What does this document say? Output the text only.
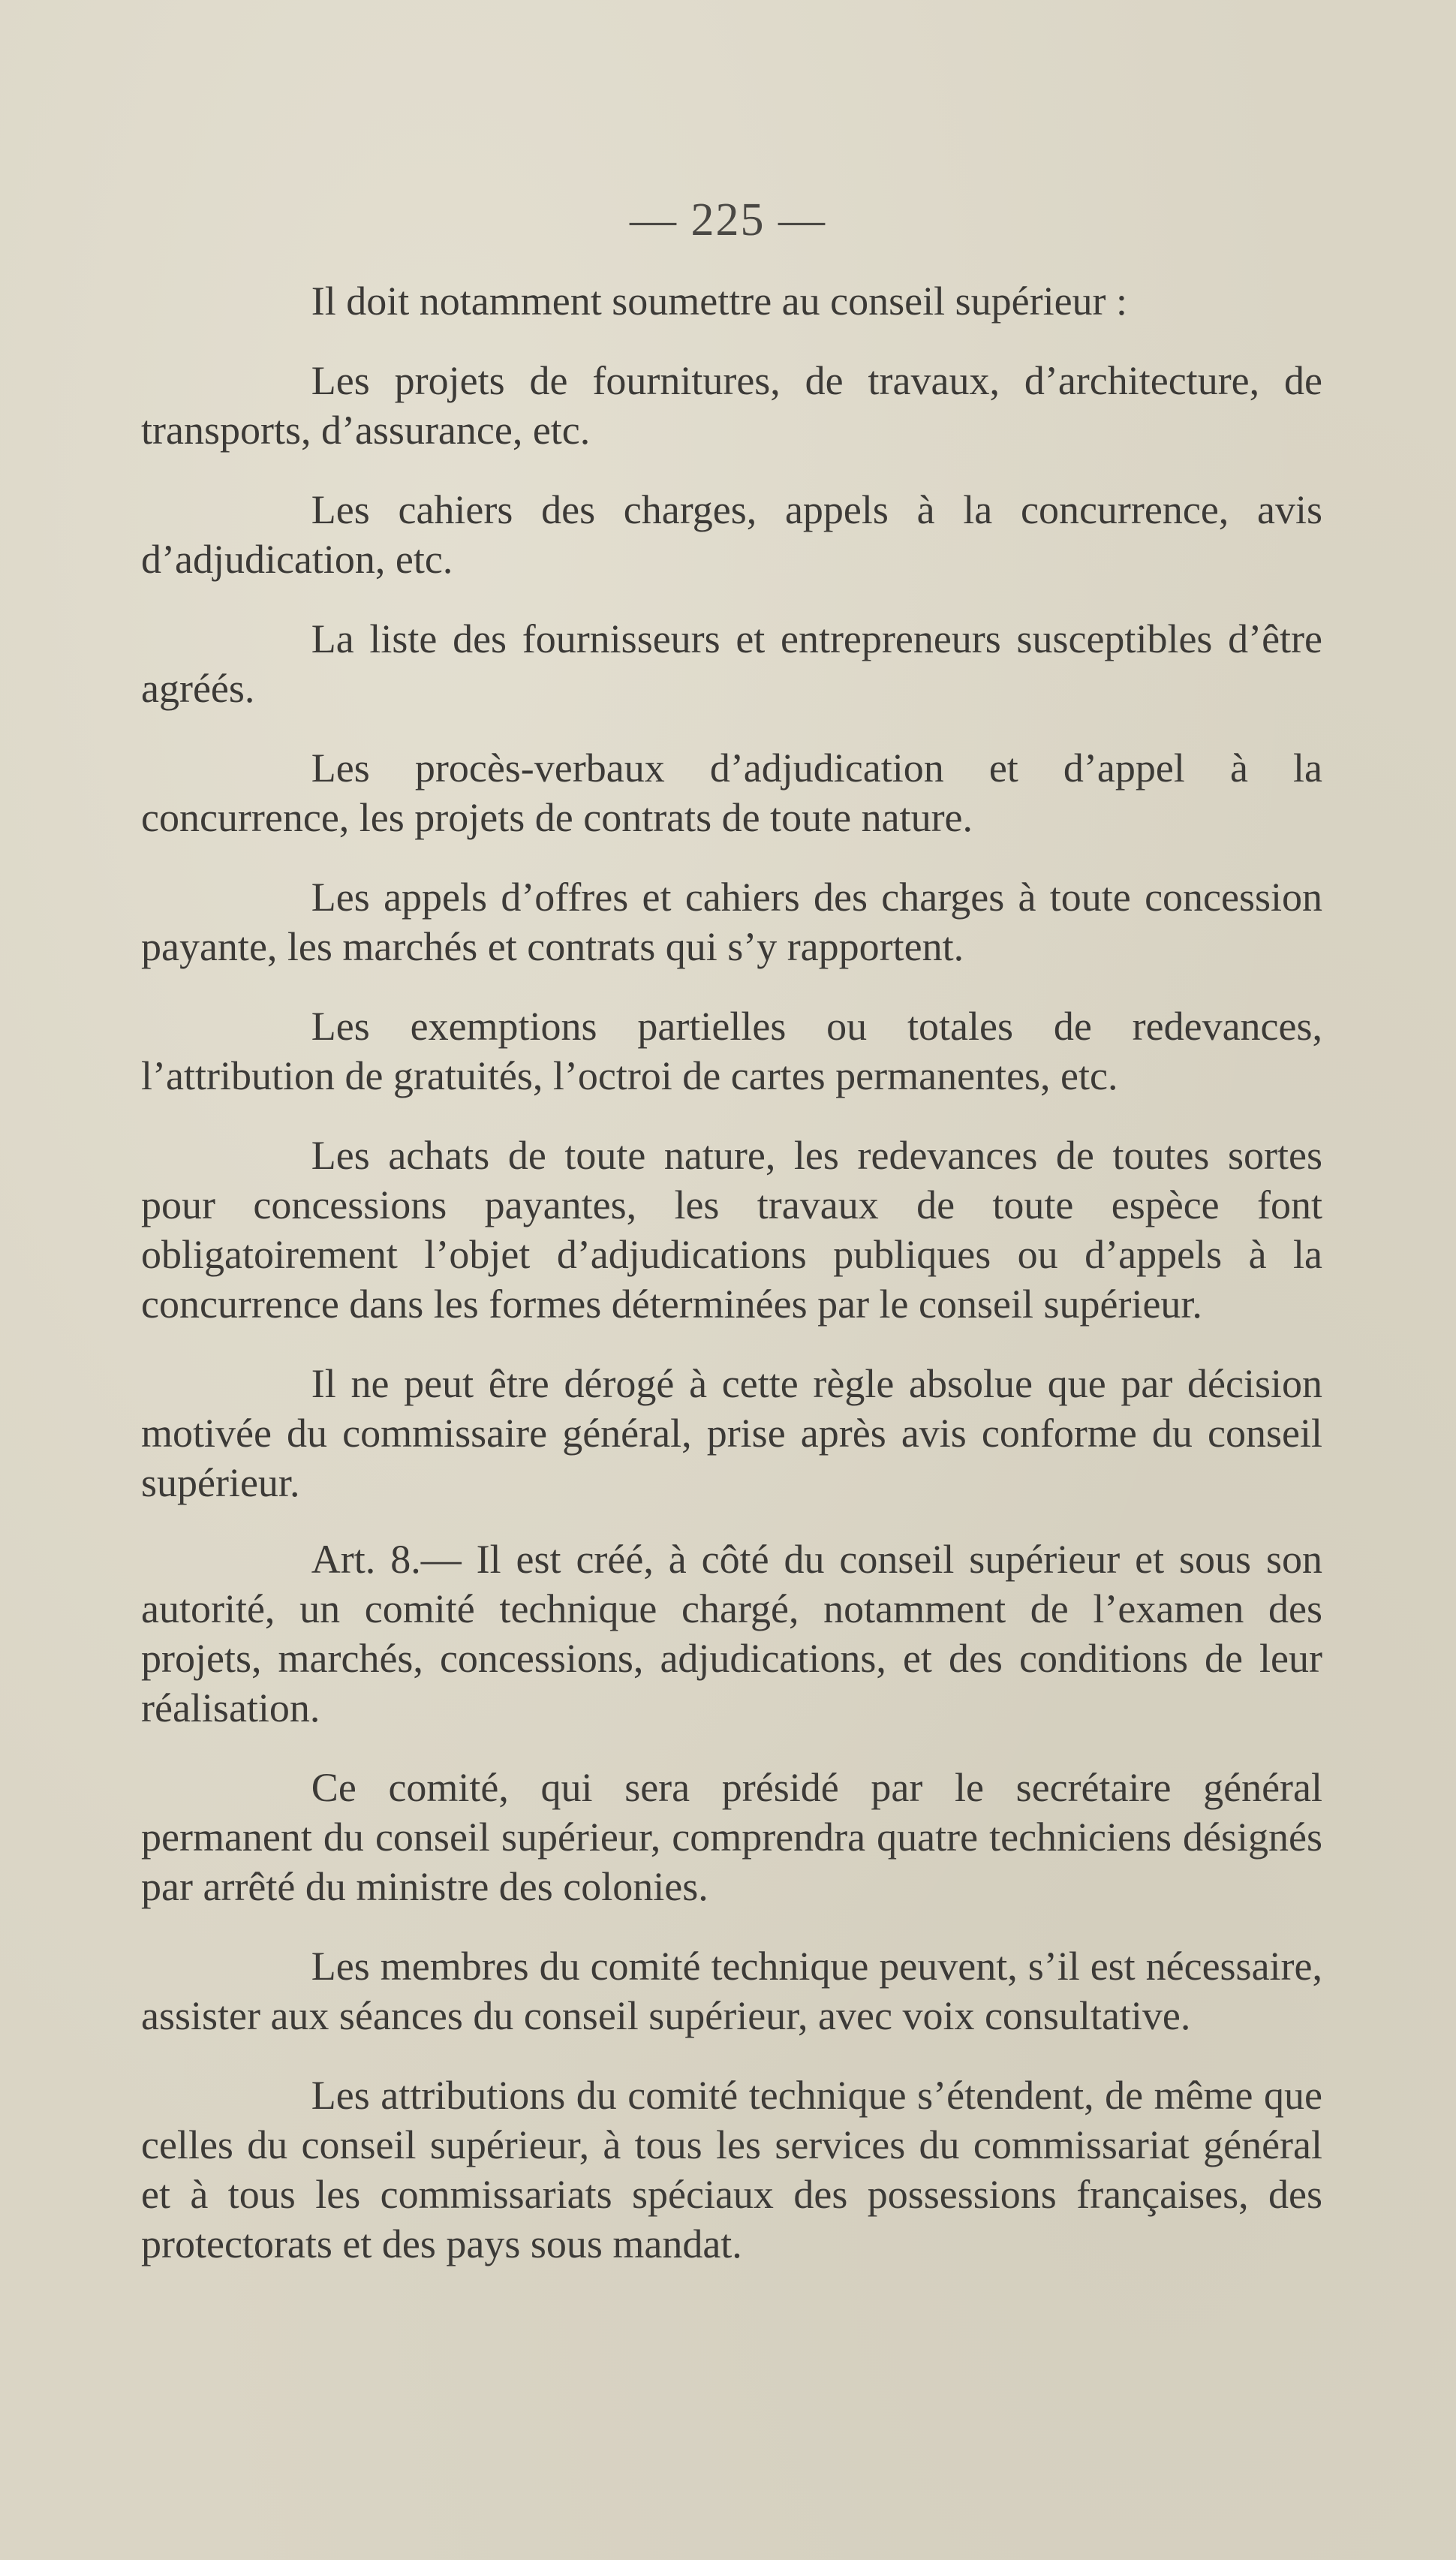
— 225 —

Il doit notamment soumettre au conseil supérieur :

Les projets de fournitures, de travaux, d’architecture, de transports, d’assurance, etc.

Les cahiers des charges, appels à la concurrence, avis d’adjudication, etc.

La liste des fournisseurs et entrepreneurs susceptibles d’être agréés.

Les procès-verbaux d’adjudication et d’appel à la concurrence, les projets de contrats de toute nature.

Les appels d’offres et cahiers des charges à toute concession payante, les marchés et contrats qui s’y rapportent.

Les exemptions partielles ou totales de redevances, l’attribution de gratuités, l’octroi de cartes permanentes, etc.

Les achats de toute nature, les redevances de toutes sortes pour concessions payantes, les travaux de toute espèce font obligatoirement l’objet d’adjudications publiques ou d’appels à la concurrence dans les formes déterminées par le conseil supérieur.

Il ne peut être dérogé à cette règle absolue que par décision motivée du commissaire général, prise après avis conforme du conseil supérieur.

Art. 8.— Il est créé, à côté du conseil supérieur et sous son autorité, un comité technique chargé, notamment de l’examen des projets, marchés, concessions, adjudications, et des conditions de leur réalisation.

Ce comité, qui sera présidé par le secrétaire général permanent du conseil supérieur, comprendra quatre techniciens désignés par arrêté du ministre des colonies.

Les membres du comité technique peuvent, s’il est nécessaire, assister aux séances du conseil supérieur, avec voix consultative.

Les attributions du comité technique s’étendent, de même que celles du conseil supérieur, à tous les services du commissariat général et à tous les commissariats spéciaux des possessions françaises, des protectorats et des pays sous mandat.
